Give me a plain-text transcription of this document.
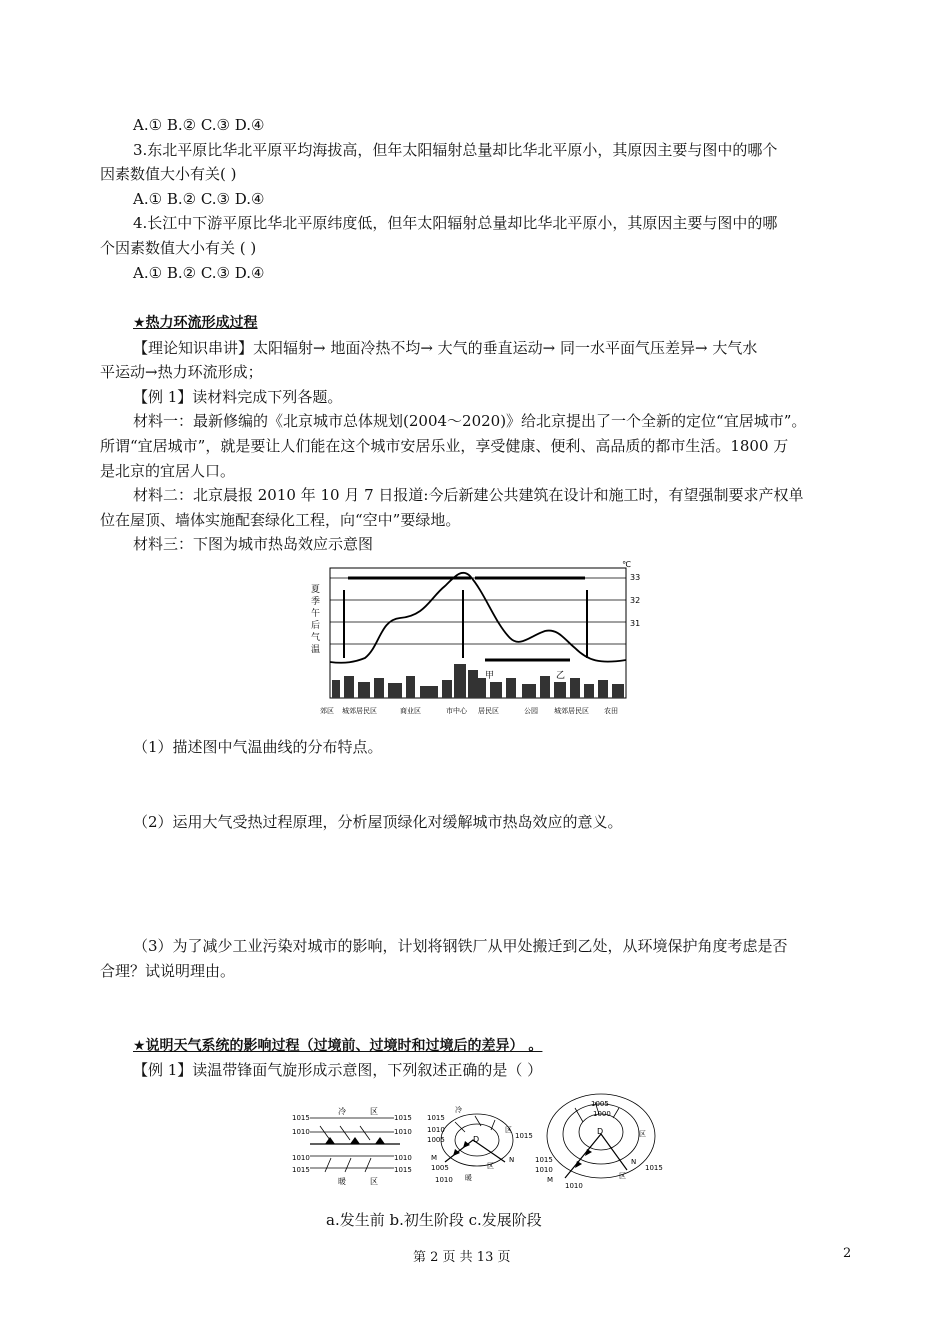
A.① B.② C.③ D.④
3.东北平原比华北平原平均海拔高，但年太阳辐射总量却比华北平原小，其原因主要与图中的哪个
因素数值大小有关( )
A.① B.② C.③ D.④
4.长江中下游平原比华北平原纬度低，但年太阳辐射总量却比华北平原小，其原因主要与图中的哪
个因素数值大小有关 ( )
A.① B.② C.③ D.④
★热力环流形成过程
【理论知识串讲】太阳辐射→ 地面冷热不均→ 大气的垂直运动→ 同一水平面气压差异→ 大气水
平运动→热力环流形成；
【例 1】读材料完成下列各题。
材料一：最新修编的《北京城市总体规划(2004～2020)》给北京提出了一个全新的定位“宜居城市”。
所谓“宜居城市”，就是要让人们能在这个城市安居乐业，享受健康、便利、高品质的都市生活。1800 万
是北京的宜居人口。
材料二：北京晨报 2010 年 10 月 7 日报道:今后新建公共建筑在设计和施工时，有望强制要求产权单
位在屋顶、墙体实施配套绿化工程，向“空中”要绿地。
材料三：下图为城市热岛效应示意图
℃
33
32
31
夏季午后气温
甲	乙
郊区 城郊居民区	商业区	市中心 居民区	公园 城郊居民区 农田
（1）描述图中气温曲线的分布特点。
（2）运用大气受热过程原理，分析屋顶绿化对缓解城市热岛效应的意义。
（3）为了减少工业污染对城市的影响，计划将钢铁厂从甲处搬迁到乙处，从环境保护角度考虑是否
合理？试说明理由。
★说明天气系统的影响过程（过境前、过境时和过境后的差异） 。
【例 1】读温带锋面气旋形成示意图，下列叙述正确的是（ ）
冷	区
1015	1015
1010	1010
1010	1010
1015	1015
暖	区
D
冷
1015
1010
1005	1015
区
M	N
1005
1010 暖
区
D
1005
1000
区
1015
1010	1015
M
1010
区
N
a.发生前 b.初生阶段 c.发展阶段
第 2 页 共 13 页	2
